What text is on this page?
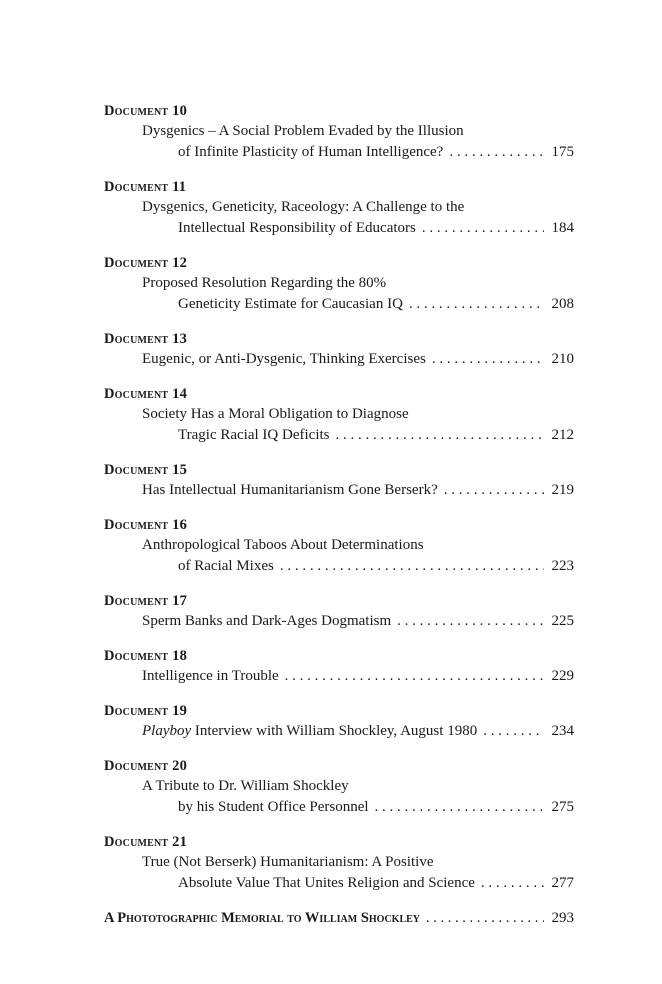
Document 10
Dysgenics – A Social Problem Evaded by the Illusion
of Infinite Plasticity of Human Intelligence? . . .	175
Document 11
Dysgenics, Geneticity, Raceology: A Challenge to the
Intellectual Responsibility of Educators . . .	184
Document 12
Proposed Resolution Regarding the 80%
Geneticity Estimate for Caucasian IQ . . .	208
Document 13
Eugenic, or Anti-Dysgenic, Thinking Exercises . . .	210
Document 14
Society Has a Moral Obligation to Diagnose
Tragic Racial IQ Deficits . . .	212
Document 15
Has Intellectual Humanitarianism Gone Berserk? . . .	219
Document 16
Anthropological Taboos About Determinations
of Racial Mixes . . .	223
Document 17
Sperm Banks and Dark-Ages Dogmatism . . .	225
Document 18
Intelligence in Trouble . . .	229
Document 19
Playboy Interview with William Shockley, August 1980 . . .	234
Document 20
A Tribute to Dr. William Shockley
by his Student Office Personnel . . .	275
Document 21
True (Not Berserk) Humanitarianism: A Positive
Absolute Value That Unites Religion and Science . . .	277
A Phototographic Memorial to William Shockley . . .	293
